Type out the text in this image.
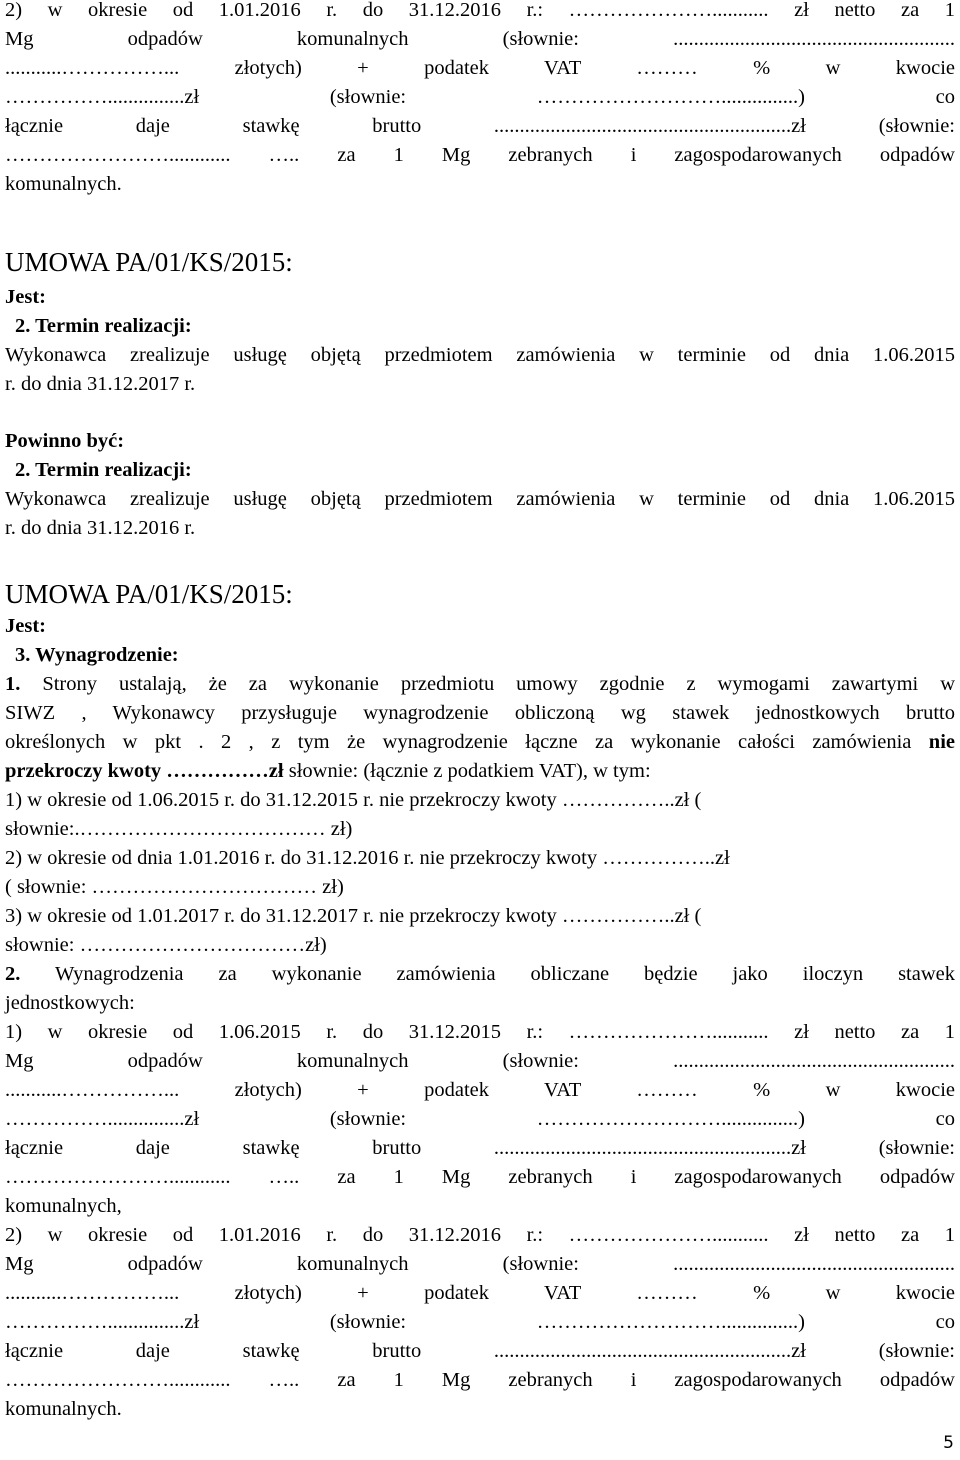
2) w okresie od 1.01.2016 r. do 31.12.2016 r.: …………………........... zł netto za 1
Mg odpadów komunalnych (słownie: .......................................................
...........……………... złotych) + podatek VAT ……… % w kwocie
……………...............zł (słownie: ………………………...............) co
łącznie daje stawkę brutto ..........................................................zł (słownie:
……………………............ ….. za 1 Mg zebranych i zagospodarowanych odpadów
komunalnych.
UMOWA PA/01/KS/2015:
Jest:
2. Termin realizacji:
Wykonawca zrealizuje usługę objętą przedmiotem zamówienia w terminie od dnia 1.06.2015
r. do dnia 31.12.2017 r.
Powinno być:
2. Termin realizacji:
Wykonawca zrealizuje usługę objętą przedmiotem zamówienia w terminie od dnia 1.06.2015
r. do dnia 31.12.2016 r.
UMOWA PA/01/KS/2015:
Jest:
3. Wynagrodzenie:
1. Strony ustalają, że za wykonanie przedmiotu umowy zgodnie z wymogami zawartymi w
SIWZ , Wykonawcy przysługuje wynagrodzenie obliczoną wg stawek jednostkowych brutto
określonych w pkt . 2 , z tym że wynagrodzenie łączne za wykonanie całości zamówienia nie
przekroczy kwoty ……………zł słownie: (łącznie z podatkiem VAT), w tym:
1) w okresie od 1.06.2015 r. do 31.12.2015 r. nie przekroczy kwoty ……………..zł (
słownie:.……………………………… zł)
2) w okresie od dnia 1.01.2016 r. do 31.12.2016 r. nie przekroczy kwoty ……………..zł
( słownie: …………………………… zł)
3) w okresie od 1.01.2017 r. do 31.12.2017 r. nie przekroczy kwoty ……………..zł (
słownie: ……………………………zł)
2. Wynagrodzenia za wykonanie zamówienia obliczane będzie jako iloczyn stawek
jednostkowych:
1) w okresie od 1.06.2015 r. do 31.12.2015 r.: …………………........... zł netto za 1
Mg odpadów komunalnych (słownie: .......................................................
...........……………... złotych) + podatek VAT ……… % w kwocie
……………...............zł (słownie: ………………………...............) co
łącznie daje stawkę brutto ..........................................................zł (słownie:
……………………............ ….. za 1 Mg zebranych i zagospodarowanych odpadów
komunalnych,
2) w okresie od 1.01.2016 r. do 31.12.2016 r.: …………………........... zł netto za 1
Mg odpadów komunalnych (słownie: .......................................................
...........……………... złotych) + podatek VAT ……… % w kwocie
……………...............zł (słownie: ………………………...............) co
łącznie daje stawkę brutto ..........................................................zł (słownie:
……………………............ ….. za 1 Mg zebranych i zagospodarowanych odpadów
komunalnych.
5
